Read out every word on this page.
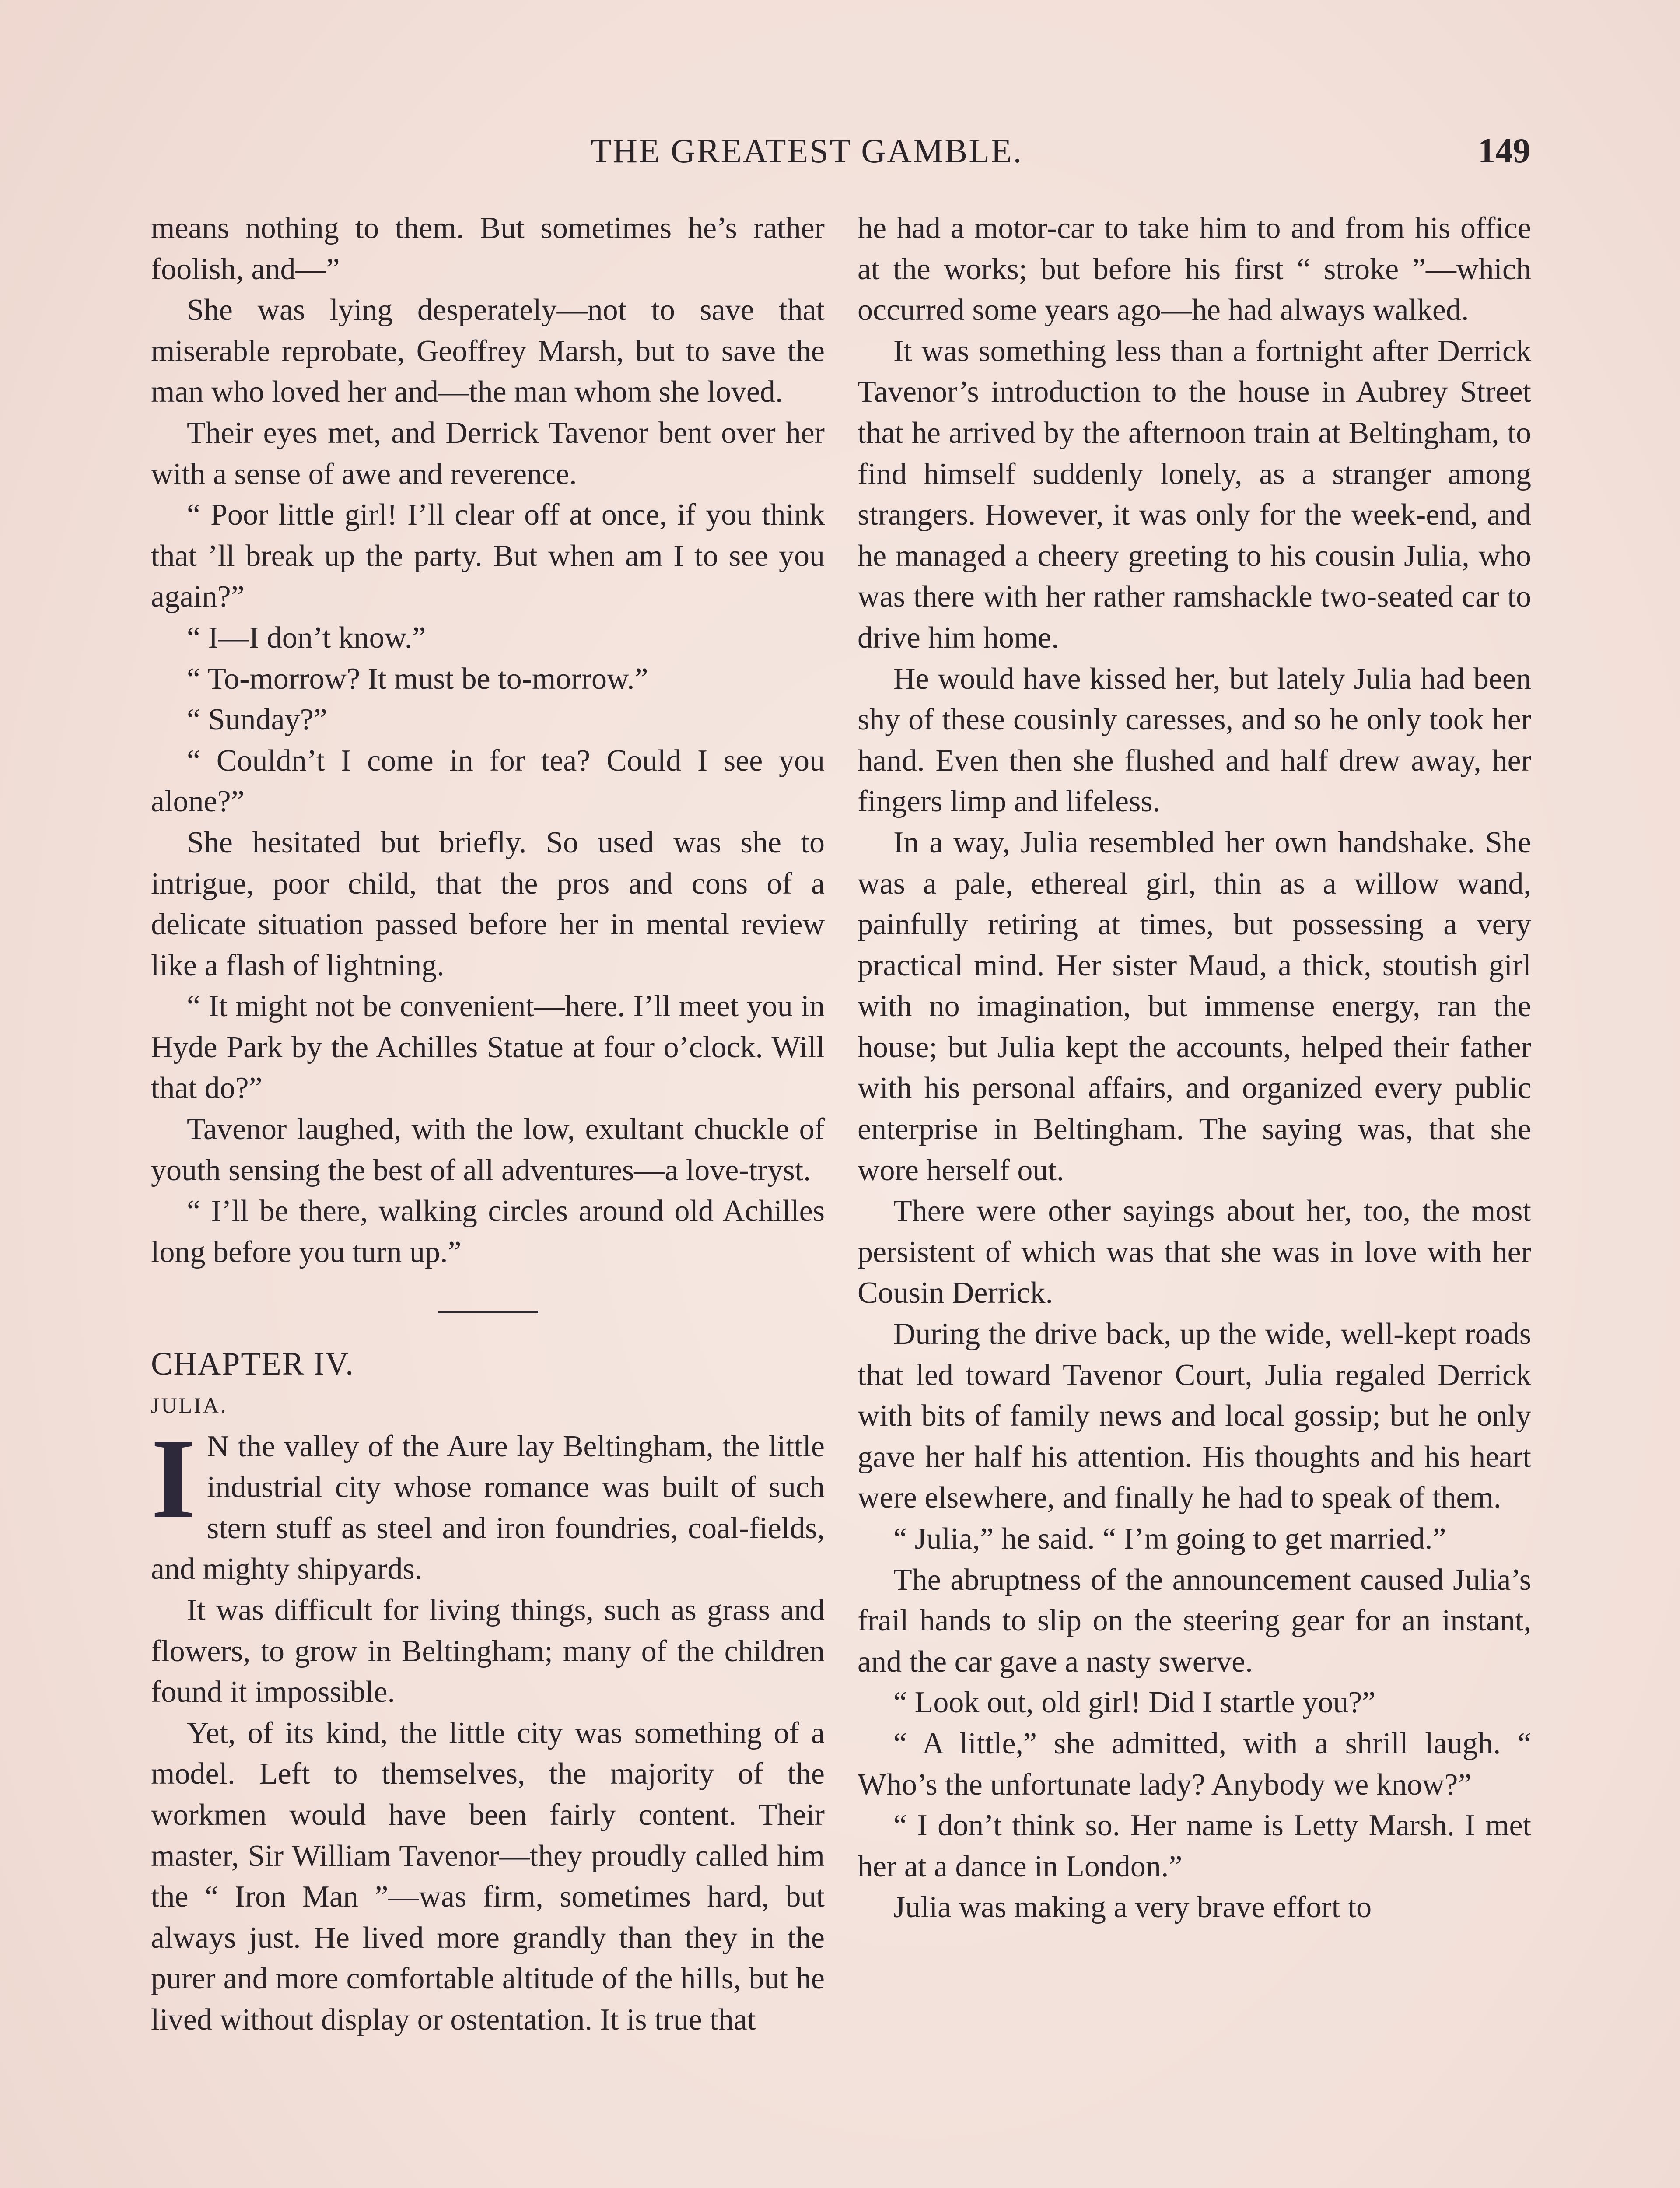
THE GREATEST GAMBLE.	149

means nothing to them. But sometimes he’s rather foolish, and—”

She was lying desperately—not to save that miserable reprobate, Geoffrey Marsh, but to save the man who loved her and—the man whom she loved.

Their eyes met, and Derrick Tavenor bent over her with a sense of awe and reverence.

“ Poor little girl! I’ll clear off at once, if you think that ’ll break up the party. But when am I to see you again?”

“ I—I don’t know.”

“ To-morrow? It must be to-morrow.”

“ Sunday?”

“ Couldn’t I come in for tea? Could I see you alone?”

She hesitated but briefly. So used was she to intrigue, poor child, that the pros and cons of a delicate situation passed before her in mental review like a flash of lightning.

“ It might not be convenient—here. I’ll meet you in Hyde Park by the Achilles Statue at four o’clock. Will that do?”

Tavenor laughed, with the low, exultant chuckle of youth sensing the best of all adventures—a love-tryst.

“ I’ll be there, walking circles around old Achilles long before you turn up.”

CHAPTER IV.

JULIA.

I N the valley of the Aure lay Beltingham, the little industrial city whose romance was built of such stern stuff as steel and iron foundries, coal-fields, and mighty shipyards.

It was difficult for living things, such as grass and flowers, to grow in Beltingham; many of the children found it impossible.

Yet, of its kind, the little city was something of a model. Left to themselves, the majority of the workmen would have been fairly content. Their master, Sir William Tavenor—they proudly called him the “ Iron Man ”—was firm, sometimes hard, but always just. He lived more grandly than they in the purer and more comfortable altitude of the hills, but he lived without display or ostentation. It is true that

he had a motor-car to take him to and from his office at the works; but before his first “ stroke ”—which occurred some years ago—he had always walked.

It was something less than a fortnight after Derrick Tavenor’s introduction to the house in Aubrey Street that he arrived by the afternoon train at Beltingham, to find himself suddenly lonely, as a stranger among strangers. However, it was only for the week-end, and he managed a cheery greeting to his cousin Julia, who was there with her rather ramshackle two-seated car to drive him home.

He would have kissed her, but lately Julia had been shy of these cousinly caresses, and so he only took her hand. Even then she flushed and half drew away, her fingers limp and lifeless.

In a way, Julia resembled her own handshake. She was a pale, ethereal girl, thin as a willow wand, painfully retiring at times, but possessing a very practical mind. Her sister Maud, a thick, stoutish girl with no imagination, but immense energy, ran the house; but Julia kept the accounts, helped their father with his personal affairs, and organized every public enterprise in Beltingham. The saying was, that she wore herself out.

There were other sayings about her, too, the most persistent of which was that she was in love with her Cousin Derrick.

During the drive back, up the wide, well-kept roads that led toward Tavenor Court, Julia regaled Derrick with bits of family news and local gossip; but he only gave her half his attention. His thoughts and his heart were elsewhere, and finally he had to speak of them.

“ Julia,” he said. “ I’m going to get married.”

The abruptness of the announcement caused Julia’s frail hands to slip on the steering gear for an instant, and the car gave a nasty swerve.

“ Look out, old girl! Did I startle you?”

“ A little,” she admitted, with a shrill laugh. “ Who’s the unfortunate lady? Anybody we know?”

“ I don’t think so. Her name is Letty Marsh. I met her at a dance in London.”

Julia was making a very brave effort to
